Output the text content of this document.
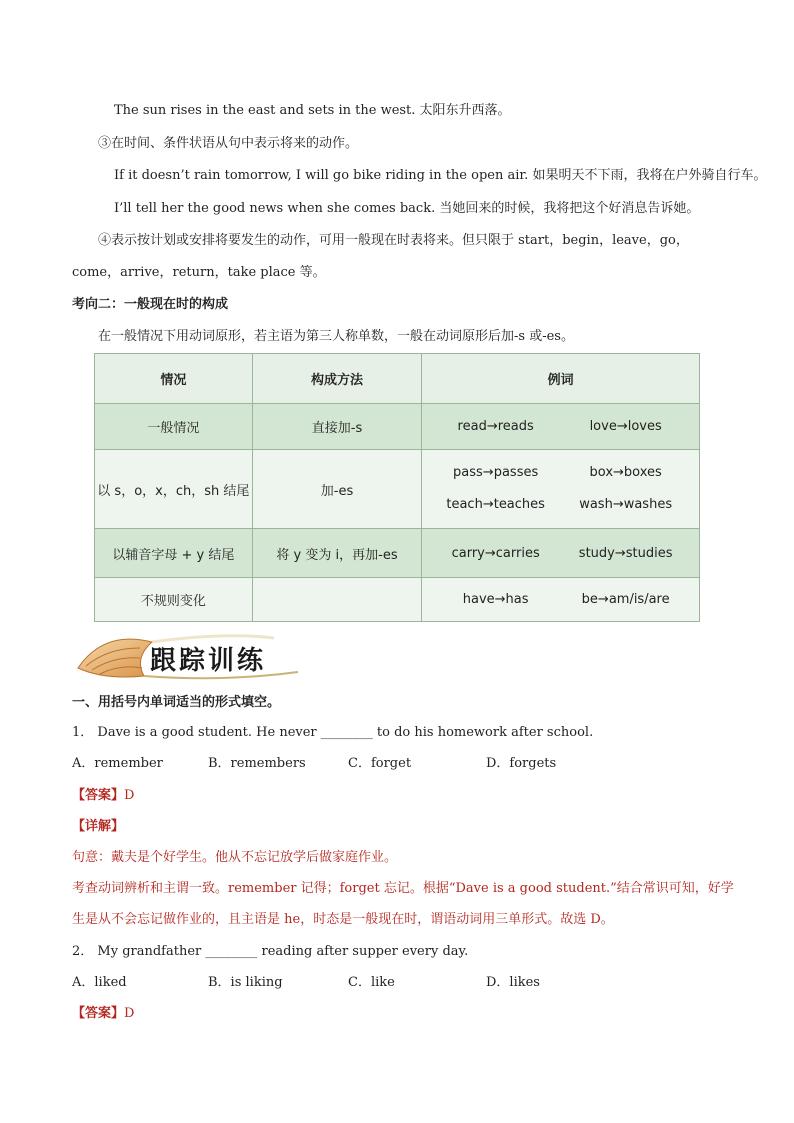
The sun rises in the east and sets in the west. 太阳东升西落。
③在时间、条件状语从句中表示将来的动作。
If it doesn’t rain tomorrow, I will go bike riding in the open air. 如果明天不下雨，我将在户外骑自行车。
I’ll tell her the good news when she comes back. 当她回来的时候，我将把这个好消息告诉她。
④表示按计划或安排将要发生的动作，可用一般现在时表将来。但只限于 start，begin，leave，go，
come，arrive，return，take place 等。
考向二：一般现在时的构成
在一般情况下用动词原形，若主语为第三人称单数，一般在动词原形后加-s 或-es。
情况	构成方法	例词
一般情况	直接加-s	read→reads love→loves
以 s，o，x，ch，sh 结尾	加-es	pass→passes box→boxes
teach→teaches wash→washes

以辅音字母 + y 结尾	将 y 变为 i，再加-es	carry→carries study→studies
不规则变化		have→has be→am/is/are
跟踪训练
一、用括号内单词适当的形式填空。
1． Dave is a good student. He never ________ to do his homework after school.
A．remember	B．remembers	C．forget	D．forgets
【答案】D
【详解】
句意：戴夫是个好学生。他从不忘记放学后做家庭作业。
考查动词辨析和主谓一致。remember 记得；forget 忘记。根据“Dave is a good student.”结合常识可知，好学
生是从不会忘记做作业的，且主语是 he，时态是一般现在时，谓语动词用三单形式。故选 D。
2． My grandfather ________ reading after supper every day.
A．liked	B．is liking	C．like	D．likes
【答案】D
